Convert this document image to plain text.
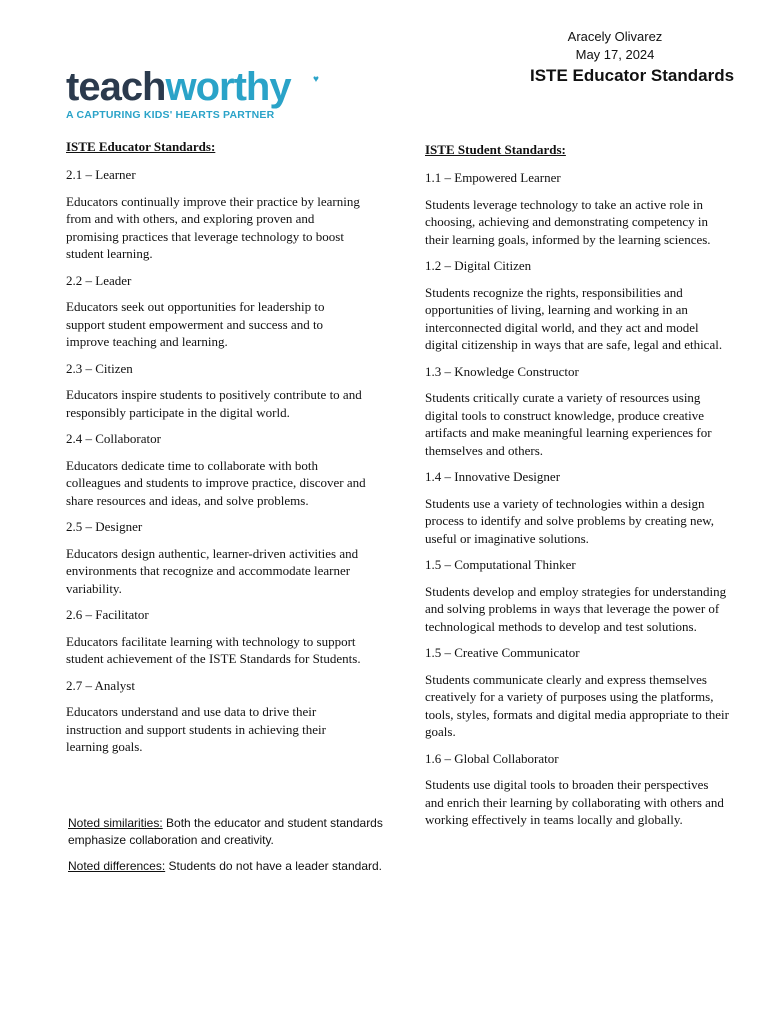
Aracely Olivarez
May 17, 2024
ISTE Educator Standards
teachworthy	♥
A CAPTURING KIDS' HEARTS PARTNER
ISTE Educator Standards:

2.1 – Learner

Educators continually improve their practice by learning from and with others, and exploring proven and promising practices that leverage technology to boost student learning.

2.2 – Leader

Educators seek out opportunities for leadership to support student empowerment and success and to improve teaching and learning.

2.3 – Citizen

Educators inspire students to positively contribute to and responsibly participate in the digital world.

2.4 – Collaborator

Educators dedicate time to collaborate with both colleagues and students to improve practice, discover and share resources and ideas, and solve problems.

2.5 – Designer

Educators design authentic, learner-driven activities and environments that recognize and accommodate learner variability.

2.6 – Facilitator

Educators facilitate learning with technology to support student achievement of the ISTE Standards for Students.

2.7 – Analyst

Educators understand and use data to drive their instruction and support students in achieving their learning goals.

ISTE Student Standards:

1.1 – Empowered Learner

Students leverage technology to take an active role in choosing, achieving and demonstrating competency in their learning goals, informed by the learning sciences.

1.2 – Digital Citizen

Students recognize the rights, responsibilities and opportunities of living, learning and working in an interconnected digital world, and they act and model digital citizenship in ways that are safe, legal and ethical.

1.3 – Knowledge Constructor

Students critically curate a variety of resources using digital tools to construct knowledge, produce creative artifacts and make meaningful learning experiences for themselves and others.

1.4 – Innovative Designer

Students use a variety of technologies within a design process to identify and solve problems by creating new, useful or imaginative solutions.

1.5 – Computational Thinker

Students develop and employ strategies for understanding and solving problems in ways that leverage the power of technological methods to develop and test solutions.

1.5 – Creative Communicator

Students communicate clearly and express themselves creatively for a variety of purposes using the platforms, tools, styles, formats and digital media appropriate to their goals.

1.6 – Global Collaborator

Students use digital tools to broaden their perspectives and enrich their learning by collaborating with others and working effectively in teams locally and globally.

Noted similarities: Both the educator and student standards emphasize collaboration and creativity.

Noted differences: Students do not have a leader standard.
